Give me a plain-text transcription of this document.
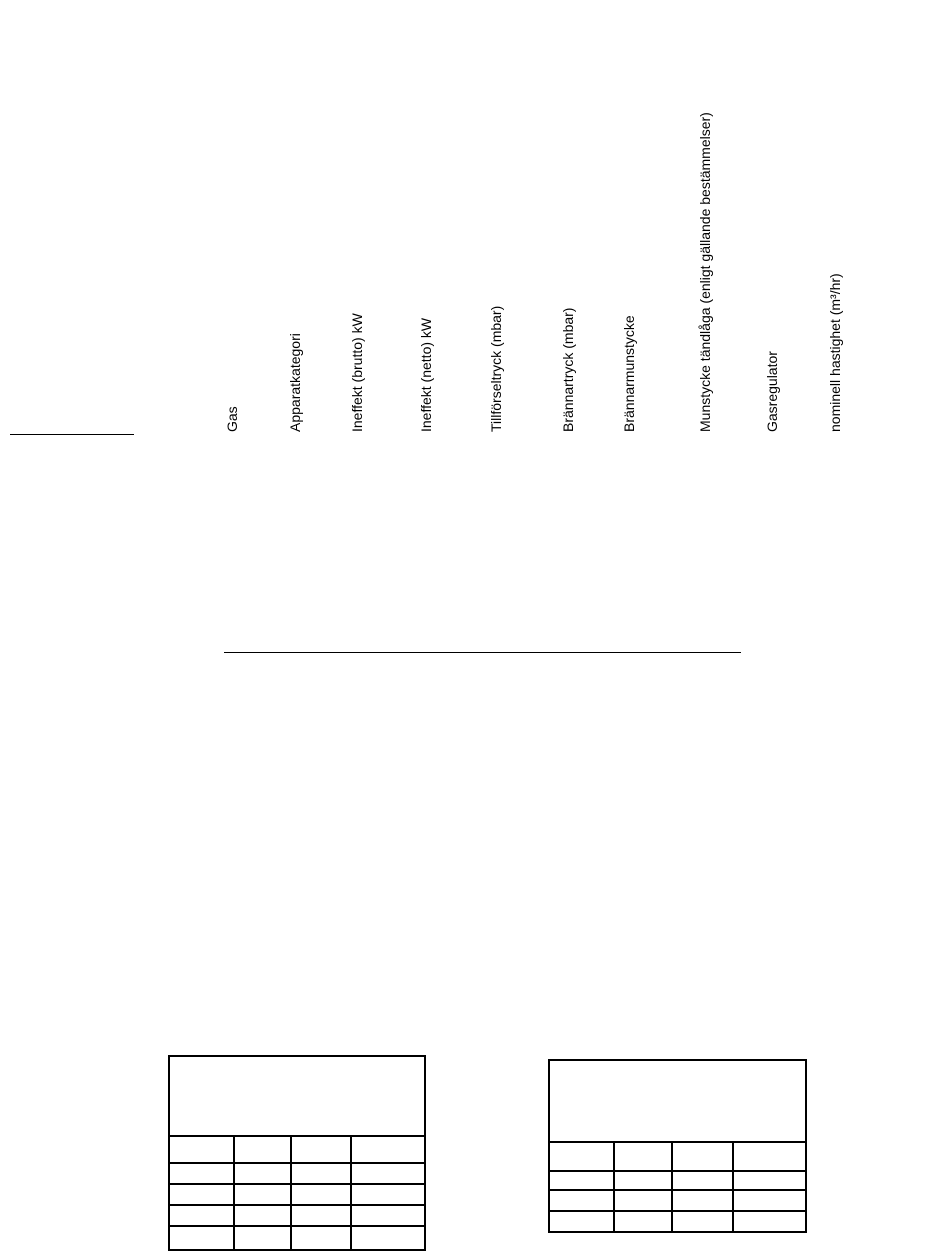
Gas	Apparatkategori	Ineffekt (brutto) kW	Ineffekt (netto) kW	Tillförseltryck (mbar)	Brännartryck (mbar)	Brännarmunstycke	Munstycke tändlåga (enligt gällande bestämmelser)	Gasregulator	nominell hastighet (m³/hr)
